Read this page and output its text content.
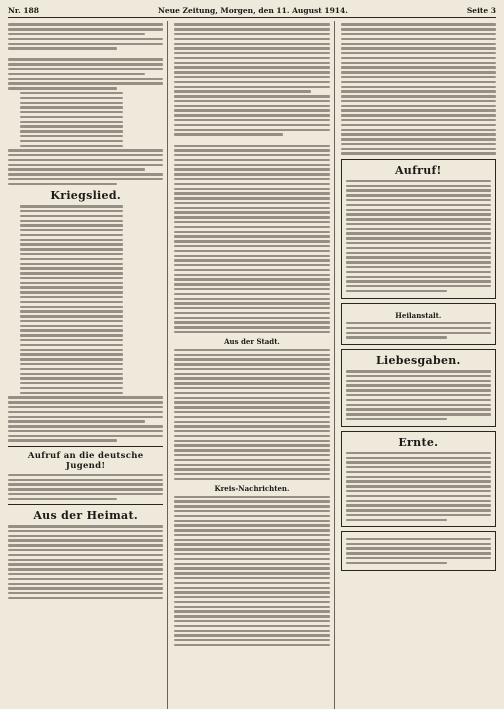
Nr. 188	Neue Zeitung, Morgen, den 11. August 1914.	Seite 3
Kriegslied.
Aufruf an die deutsche Jugend!
Aus der Heimat.
Aus der Stadt.
Kreis-Nachrichten.
Aufruf!
Heilanstalt.
Liebesgaben.
Ernte.
